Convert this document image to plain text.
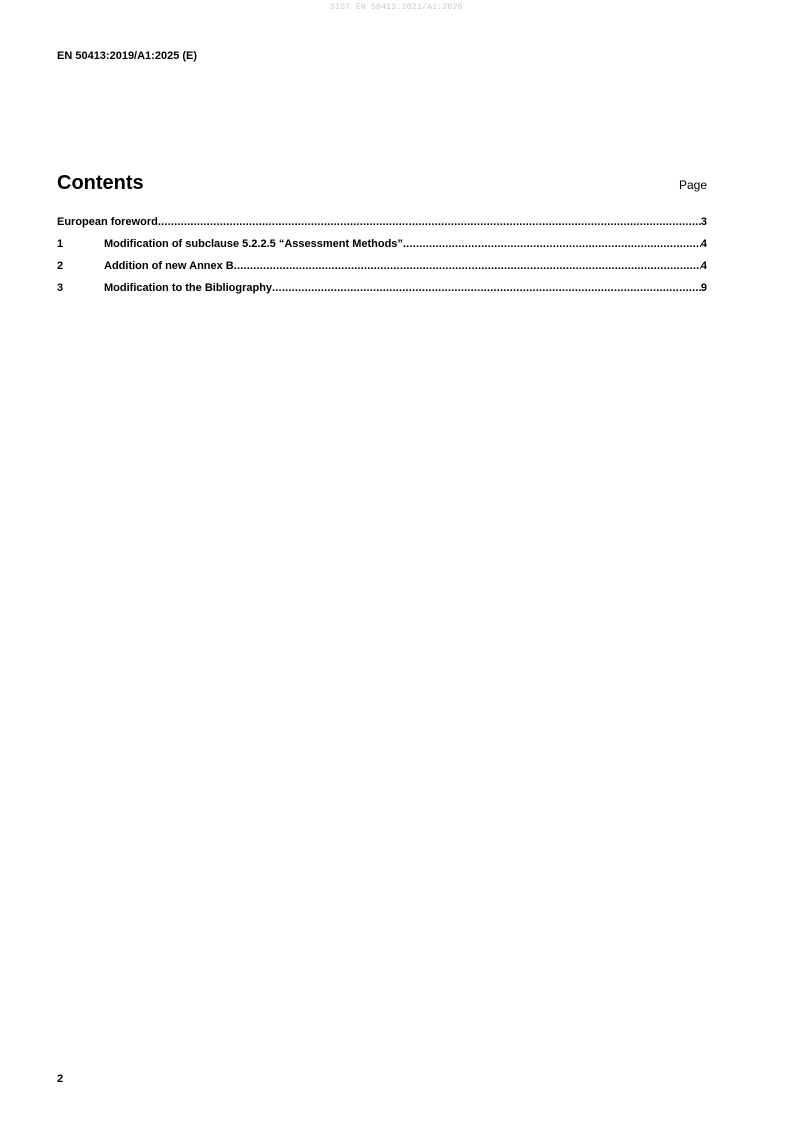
SIST EN 50413:2021/A1:2026
EN 50413:2019/A1:2025 (E)
Contents	Page
European foreword .....	3
1	Modification of subclause 5.2.2.5 “Assessment Methods” .....	4
2	Addition of new Annex B .....	4
3	Modification to the Bibliography .....	9
2
